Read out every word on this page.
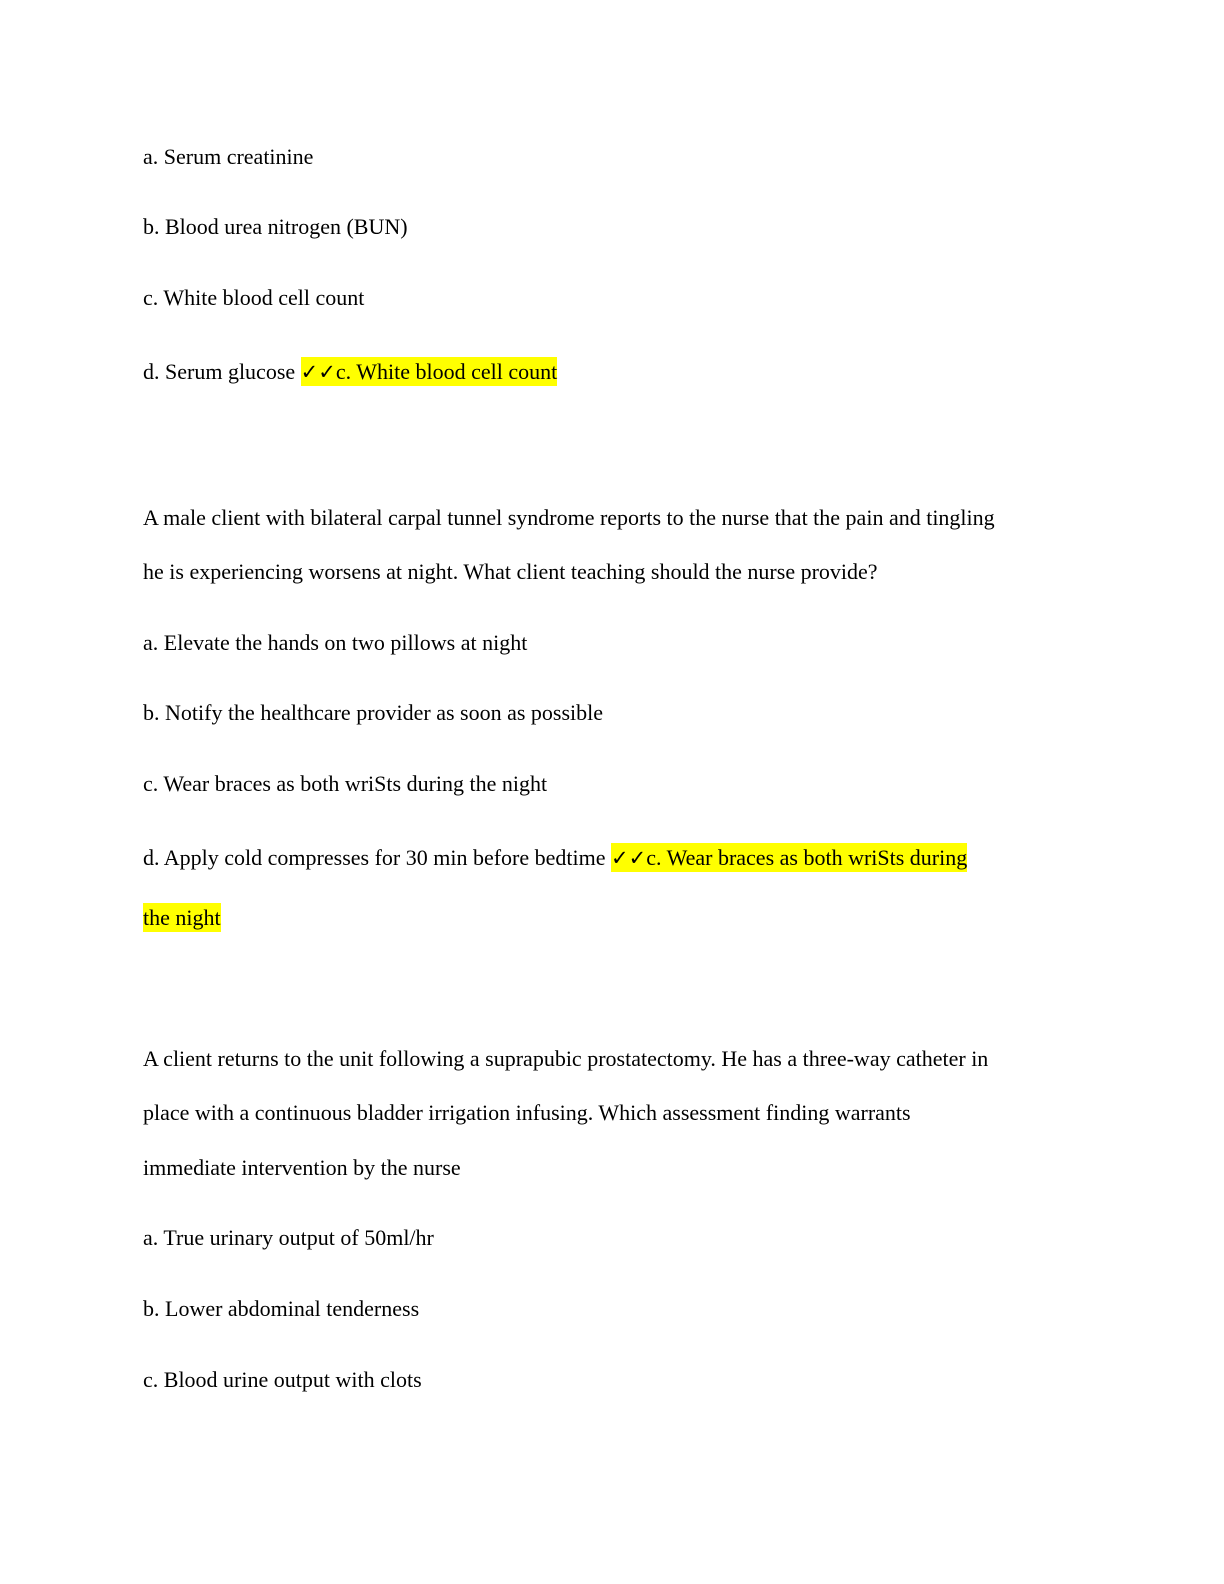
a. Serum creatinine
b. Blood urea nitrogen (BUN)
c. White blood cell count
d. Serum glucose ✓✓c. White blood cell count
A male client with bilateral carpal tunnel syndrome reports to the nurse that the pain and tingling
he is experiencing worsens at night. What client teaching should the nurse provide?
a. Elevate the hands on two pillows at night
b. Notify the healthcare provider as soon as possible
c. Wear braces as both wriSts during the night
d. Apply cold compresses for 30 min before bedtime ✓✓c. Wear braces as both wriSts during
the night
A client returns to the unit following a suprapubic prostatectomy. He has a three-way catheter in
place with a continuous bladder irrigation infusing. Which assessment finding warrants
immediate intervention by the nurse
a. True urinary output of 50ml/hr
b. Lower abdominal tenderness
c. Blood urine output with clots
